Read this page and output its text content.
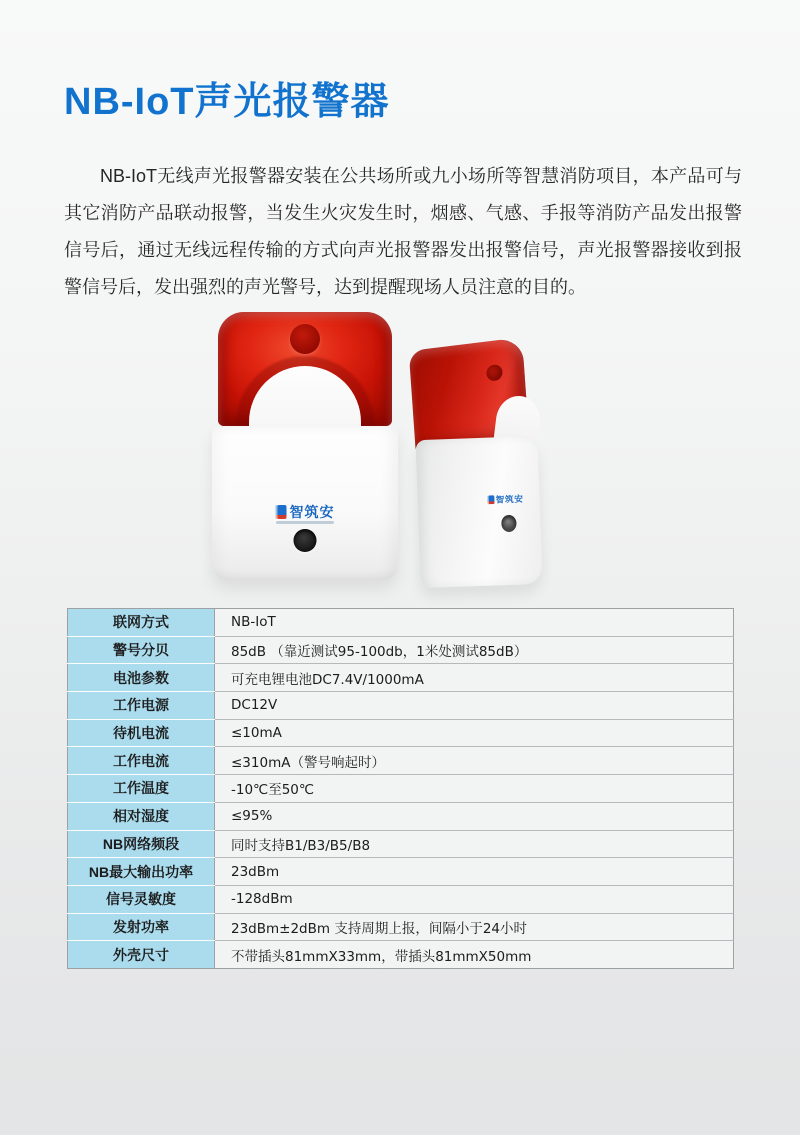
NB-IoT声光报警器

NB-IoT无线声光报警器安装在公共场所或九小场所等智慧消防项目，本产品可与其它消防产品联动报警，当发生火灾发生时，烟感、气感、手报等消防产品发出报警信号后，通过无线远程传输的方式向声光报警器发出报警信号，声光报警器接收到报警信号后，发出强烈的声光警号，达到提醒现场人员注意的目的。

智筑安
智筑安
联网方式	NB-IoT
警号分贝	85dB （靠近测试95-100db，1米处测试85dB）
电池参数	可充电锂电池DC7.4V/1000mA
工作电源	DC12V
待机电流	≤10mA
工作电流	≤310mA（警号响起时）
工作温度	-10℃至50℃
相对湿度	≤95%
NB网络频段	同时支持B1/B3/B5/B8
NB最大输出功率	23dBm
信号灵敏度	-128dBm
发射功率	23dBm±2dBm 支持周期上报，间隔小于24小时
外壳尺寸	不带插头81mmX33mm，带插头81mmX50mm
